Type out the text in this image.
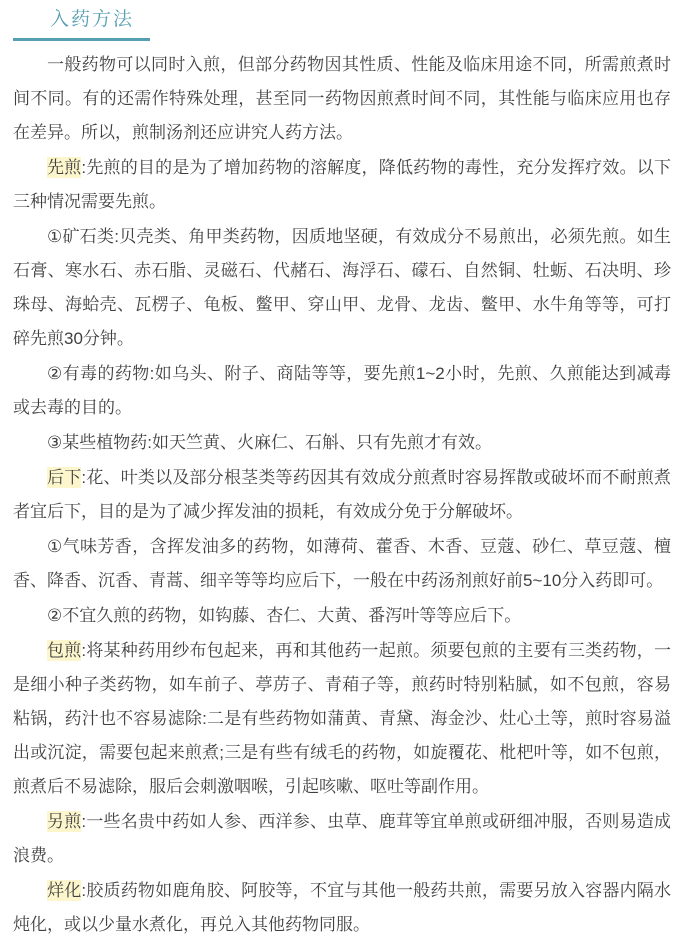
入药方法

一般药物可以同时入煎，但部分药物因其性质、性能及临床用途不同，所需煎煮时间不同。有的还需作特殊处理，甚至同一药物因煎煮时间不同，其性能与临床应用也存在差异。所以，煎制汤剂还应讲究人药方法。

先煎:先煎的目的是为了增加药物的溶解度，降低药物的毒性，充分发挥疗效。以下三种情况需要先煎。

①矿石类:贝壳类、角甲类药物，因质地坚硬，有效成分不易煎出，必须先煎。如生石膏、寒水石、赤石脂、灵磁石、代赭石、海浮石、礞石、自然铜、牡蛎、石决明、珍珠母、海蛤壳、瓦楞子、龟板、鳖甲、穿山甲、龙骨、龙齿、鳖甲、水牛角等等，可打碎先煎30分钟。

②有毒的药物:如乌头、附子、商陆等等，要先煎1~2小时，先煎、久煎能达到减毒或去毒的目的。

③某些植物药:如天竺黄、火麻仁、石斛、只有先煎才有效。

后下:花、叶类以及部分根茎类等药因其有效成分煎煮时容易挥散或破坏而不耐煎煮者宜后下，目的是为了减少挥发油的损耗，有效成分免于分解破坏。

①气味芳香，含挥发油多的药物，如薄荷、藿香、木香、豆蔻、砂仁、草豆蔻、檀香、降香、沉香、青蒿、细辛等等均应后下，一般在中药汤剂煎好前5~10分入药即可。

②不宜久煎的药物，如钩藤、杏仁、大黄、番泻叶等等应后下。

包煎:将某种药用纱布包起来，再和其他药一起煎。须要包煎的主要有三类药物，一是细小种子类药物，如车前子、葶苈子、青葙子等，煎药时特别粘腻，如不包煎，容易粘锅，药汁也不容易滤除:二是有些药物如蒲黄、青黛、海金沙、灶心土等，煎时容易溢出或沉淀，需要包起来煎煮;三是有些有绒毛的药物，如旋覆花、枇杷叶等，如不包煎，煎煮后不易滤除，服后会刺激咽喉，引起咳嗽、呕吐等副作用。

另煎:一些名贵中药如人参、西洋参、虫草、鹿茸等宜单煎或研细冲服，否则易造成浪费。

烊化:胶质药物如鹿角胶、阿胶等，不宜与其他一般药共煎，需要另放入容器内隔水炖化，或以少量水煮化，再兑入其他药物同服。
